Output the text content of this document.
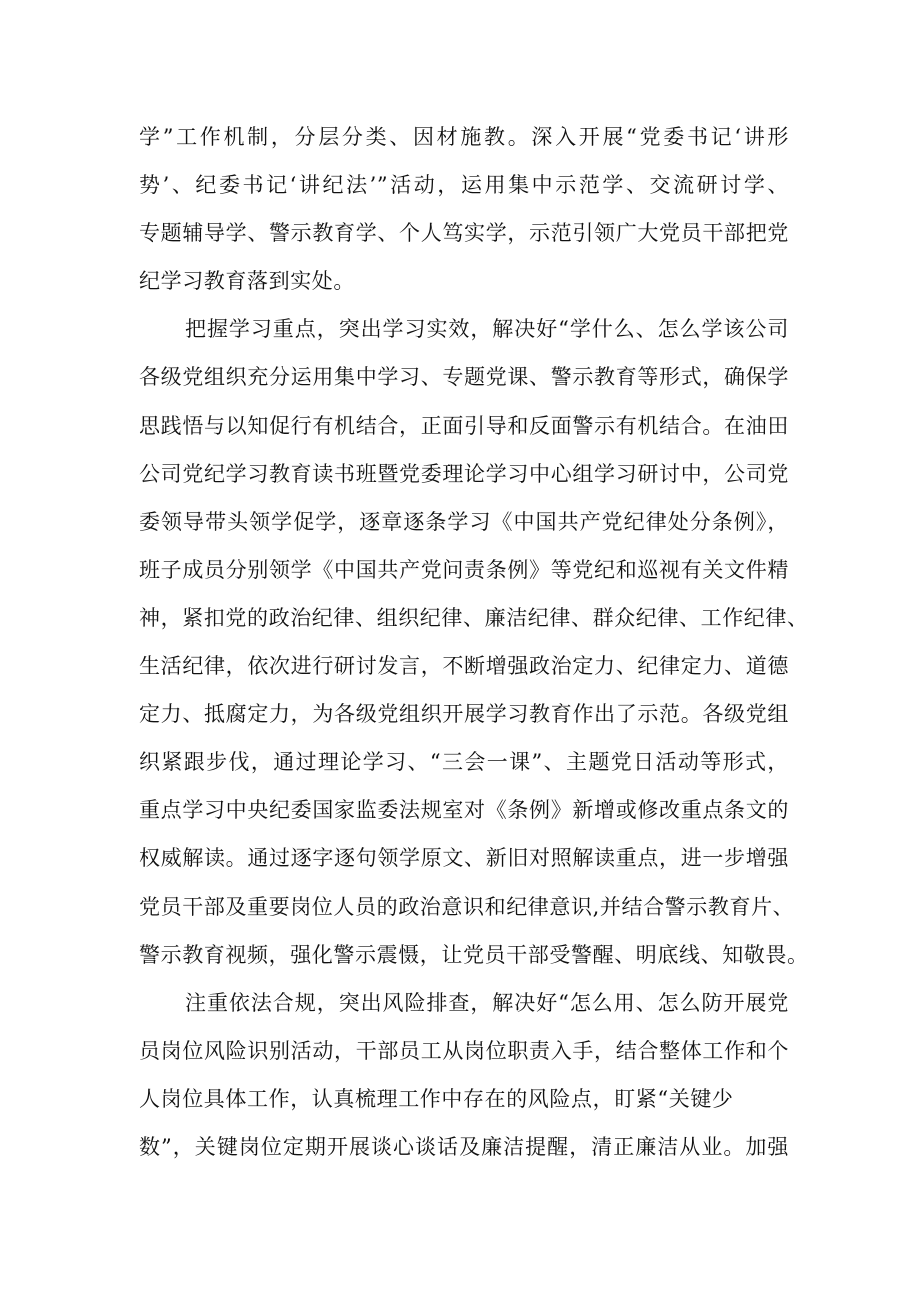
学”工作机制，分层分类、因材施教。深入开展“党委书记‘讲形
势’、纪委书记‘讲纪法’”活动，运用集中示范学、交流研讨学、
专题辅导学、警示教育学、个人笃实学，示范引领广大党员干部把党
纪学习教育落到实处。
把握学习重点，突出学习实效，解决好“学什么、怎么学该公司
各级党组织充分运用集中学习、专题党课、警示教育等形式，确保学
思践悟与以知促行有机结合，正面引导和反面警示有机结合。在油田
公司党纪学习教育读书班暨党委理论学习中心组学习研讨中，公司党
委领导带头领学促学，逐章逐条学习《中国共产党纪律处分条例》，
班子成员分别领学《中国共产党问责条例》等党纪和巡视有关文件精
神，紧扣党的政治纪律、组织纪律、廉洁纪律、群众纪律、工作纪律、
生活纪律，依次进行研讨发言，不断增强政治定力、纪律定力、道德
定力、抵腐定力，为各级党组织开展学习教育作出了示范。各级党组
织紧跟步伐，通过理论学习、“三会一课”、主题党日活动等形式，
重点学习中央纪委国家监委法规室对《条例》新增或修改重点条文的
权威解读。通过逐字逐句领学原文、新旧对照解读重点，进一步增强
党员干部及重要岗位人员的政治意识和纪律意识,并结合警示教育片、
警示教育视频，强化警示震慑，让党员干部受警醒、明底线、知敬畏。
注重依法合规，突出风险排查，解决好“怎么用、怎么防开展党
员岗位风险识别活动，干部员工从岗位职责入手，结合整体工作和个
人岗位具体工作，认真梳理工作中存在的风险点，盯紧“关键少
数”，关键岗位定期开展谈心谈话及廉洁提醒，清正廉洁从业。加强
